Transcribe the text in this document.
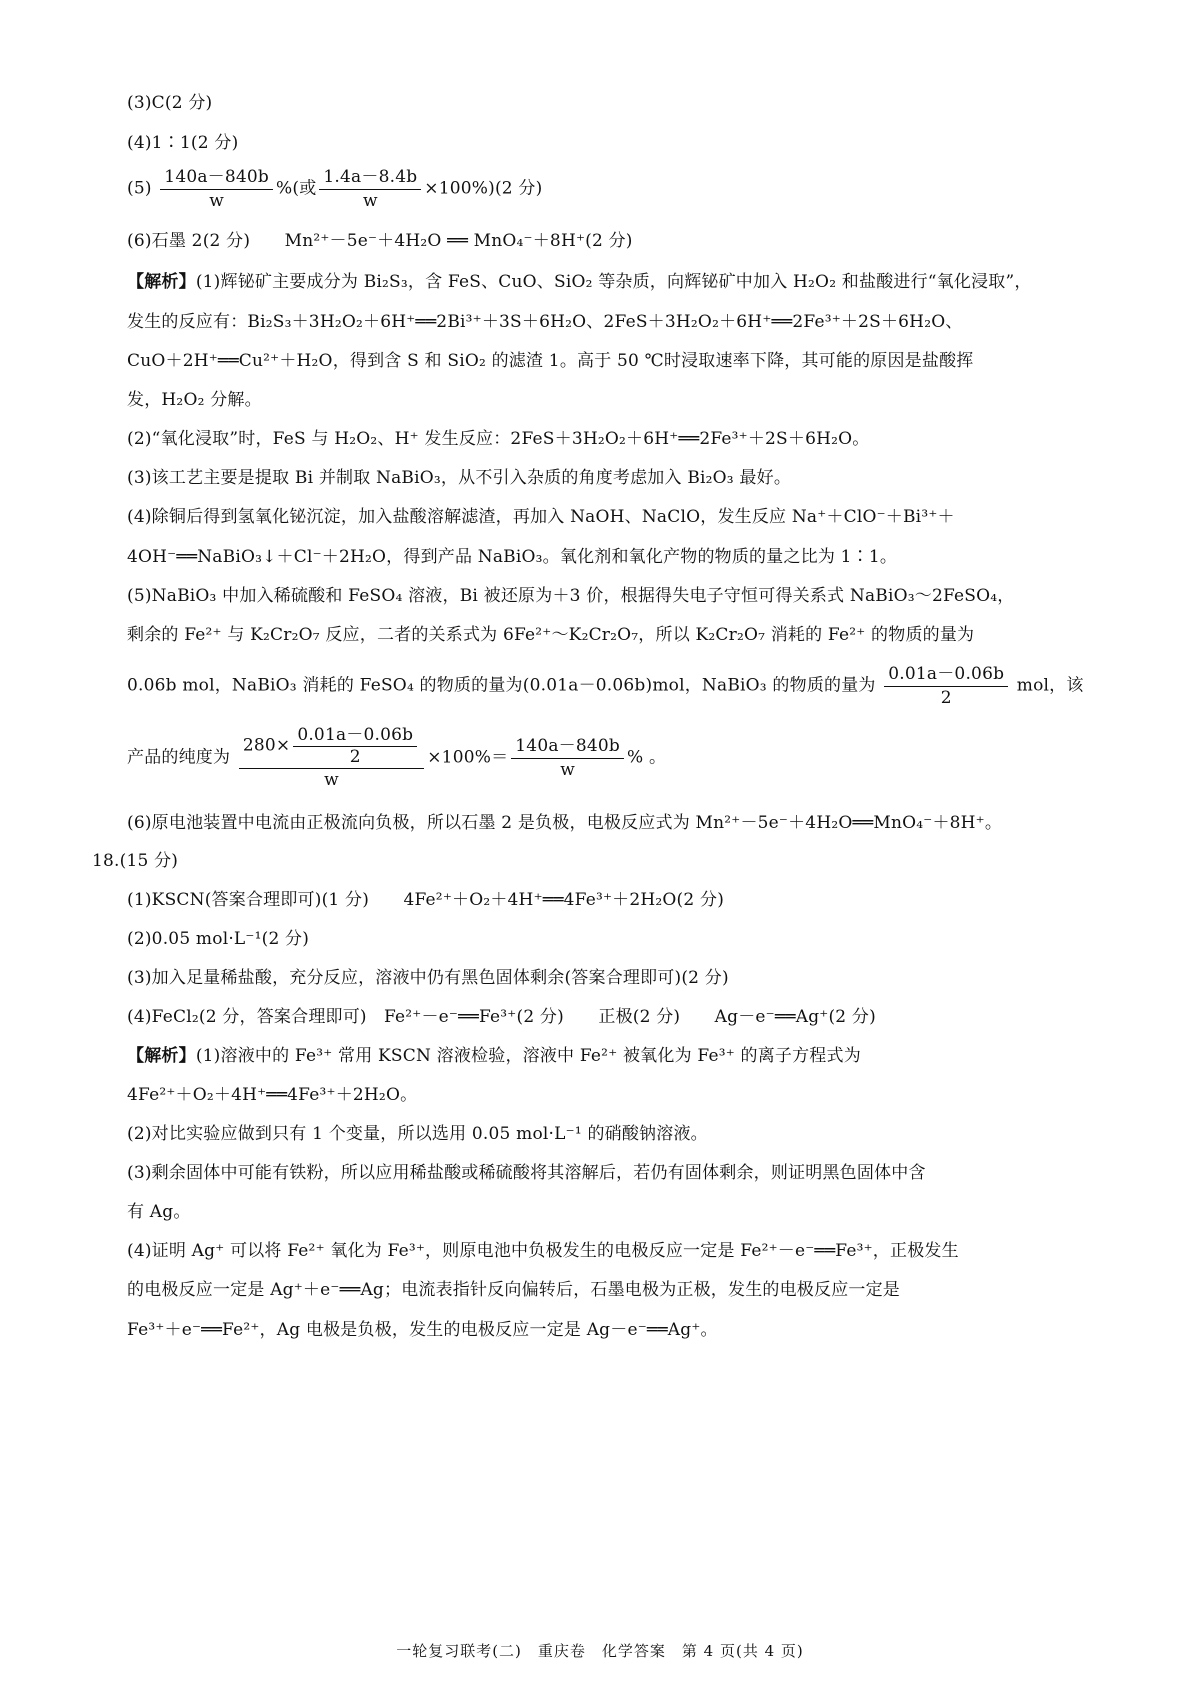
(3)C(2 分)
(4)1∶1(2 分)
$(5) \frac{140a-840b}{w}$ %(或 $\frac{1.4a-8.4b}{w} \times 100\%)(2$ 分)
(6)石墨 2(2 分)　　Mn²⁺－5e⁻＋4H₂O ══ MnO₄⁻＋8H⁺(2 分)
【解析】(1)辉铋矿主要成分为 Bi₂S₃，含 FeS、CuO、SiO₂ 等杂质，向辉铋矿中加入 H₂O₂ 和盐酸进行“氧化浸取”，
发生的反应有：Bi₂S₃＋3H₂O₂＋6H⁺══2Bi³⁺＋3S＋6H₂O、2FeS＋3H₂O₂＋6H⁺══2Fe³⁺＋2S＋6H₂O、
CuO＋2H⁺══Cu²⁺＋H₂O，得到含 S 和 SiO₂ 的滤渣 1。高于 50 ℃时浸取速率下降，其可能的原因是盐酸挥
发，H₂O₂ 分解。
(2)“氧化浸取”时，FeS 与 H₂O₂、H⁺ 发生反应：2FeS＋3H₂O₂＋6H⁺══2Fe³⁺＋2S＋6H₂O。
(3)该工艺主要是提取 Bi 并制取 NaBiO₃，从不引入杂质的角度考虑加入 Bi₂O₃ 最好。
(4)除铜后得到氢氧化铋沉淀，加入盐酸溶解滤渣，再加入 NaOH、NaClO，发生反应 Na⁺＋ClO⁻＋Bi³⁺＋
4OH⁻══NaBiO₃↓＋Cl⁻＋2H₂O，得到产品 NaBiO₃。氧化剂和氧化产物的物质的量之比为 1∶1。
(5)NaBiO₃ 中加入稀硫酸和 FeSO₄ 溶液，Bi 被还原为＋3 价，根据得失电子守恒可得关系式 NaBiO₃～2FeSO₄，
剩余的 Fe²⁺ 与 K₂Cr₂O₇ 反应，二者的关系式为 6Fe²⁺～K₂Cr₂O₇，所以 K₂Cr₂O₇ 消耗的 Fe²⁺ 的物质的量为
0.06b mol，NaBiO₃ 消耗的 FeSO₄ 的物质的量为(0.01a－0.06b)mol，NaBiO₃ 的物质的量为 $\frac{0.01a-0.06b}{2}$ mol，该
产品的纯度为 $\frac{280\times \frac{0.01a-0.06b}{2}}{w} \times 100\%= \frac{140a-840b}{w}$ % 。
(6)原电池装置中电流由正极流向负极，所以石墨 2 是负极，电极反应式为 Mn²⁺－5e⁻＋4H₂O══MnO₄⁻＋8H⁺。
18.(15 分)
(1)KSCN(答案合理即可)(1 分)　　4Fe²⁺＋O₂＋4H⁺══4Fe³⁺＋2H₂O(2 分)
(2)0.05 mol·L⁻¹(2 分)
(3)加入足量稀盐酸，充分反应，溶液中仍有黑色固体剩余(答案合理即可)(2 分)
(4)FeCl₂(2 分，答案合理即可)　Fe²⁺－e⁻══Fe³⁺(2 分)　　正极(2 分)　　Ag－e⁻══Ag⁺(2 分)
【解析】(1)溶液中的 Fe³⁺ 常用 KSCN 溶液检验，溶液中 Fe²⁺ 被氧化为 Fe³⁺ 的离子方程式为
4Fe²⁺＋O₂＋4H⁺══4Fe³⁺＋2H₂O。
(2)对比实验应做到只有 1 个变量，所以选用 0.05 mol·L⁻¹ 的硝酸钠溶液。
(3)剩余固体中可能有铁粉，所以应用稀盐酸或稀硫酸将其溶解后，若仍有固体剩余，则证明黑色固体中含
有 Ag。
(4)证明 Ag⁺ 可以将 Fe²⁺ 氧化为 Fe³⁺，则原电池中负极发生的电极反应一定是 Fe²⁺－e⁻══Fe³⁺，正极发生
的电极反应一定是 Ag⁺＋e⁻══Ag；电流表指针反向偏转后，石墨电极为正极，发生的电极反应一定是
Fe³⁺＋e⁻══Fe²⁺，Ag 电极是负极，发生的电极反应一定是 Ag－e⁻══Ag⁺。
一轮复习联考(二)　重庆卷　化学答案　第 4 页(共 4 页)
